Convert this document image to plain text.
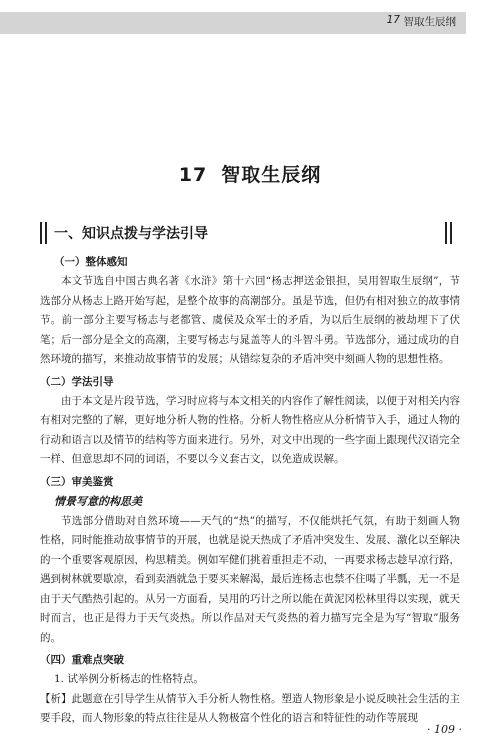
17 智取生辰纲
17 智取生辰纲
一、知识点拨与学法引导
（一）整体感知

本文节选自中国古典名著《水浒》第十六回“杨志押送金银担，吴用智取生辰纲”，节选部分从杨志上路开始写起，是整个故事的高潮部分。虽是节选，但仍有相对独立的故事情节。前一部分主要写杨志与老都管、虞侯及众军士的矛盾，为以后生辰纲的被劫埋下了伏笔；后一部分是全文的高潮，主要写杨志与晁盖等人的斗智斗勇。节选部分，通过成功的自然环境的描写，来推动故事情节的发展；从错综复杂的矛盾冲突中刻画人物的思想性格。

（二）学法引导

由于本文是片段节选，学习时应将与本文相关的内容作了解性阅读，以便于对相关内容有相对完整的了解，更好地分析人物的性格。分析人物性格应从分析情节入手，通过人物的行动和语言以及情节的结构等方面来进行。另外，对文中出现的一些字面上跟现代汉语完全一样、但意思却不同的词语，不要以今义套古文，以免造成误解。

（三）审美鉴赏
情景写意的构思美

节选部分借助对自然环境——天气的“热”的描写，不仅能烘托气氛，有助于刻画人物性格，同时能推动故事情节的开展，也就是说天热成了矛盾冲突发生、发展、激化以至解决的一个重要客观原因，构思精美。例如军健们挑着重担走不动，一再要求杨志趁早凉行路，遇到树林就要歇凉，看到卖酒就急于要买来解渴，最后连杨志也禁不住喝了半瓢，无一不是由于天气酷热引起的。从另一方面看，吴用的巧计之所以能在黄泥冈松林里得以实现，就天时而言，也正是得力于天气炎热。所以作品对天气炎热的着力描写完全是为写“智取”服务的。

（四）重难点突破
1. 试举例分析杨志的性格特点。

【析】此题意在引导学生从情节入手分析人物性格。塑造人物形象是小说反映社会生活的主要手段，而人物形象的特点往往是从人物极富个性化的语言和特征性的动作等展现

· 109 ·
